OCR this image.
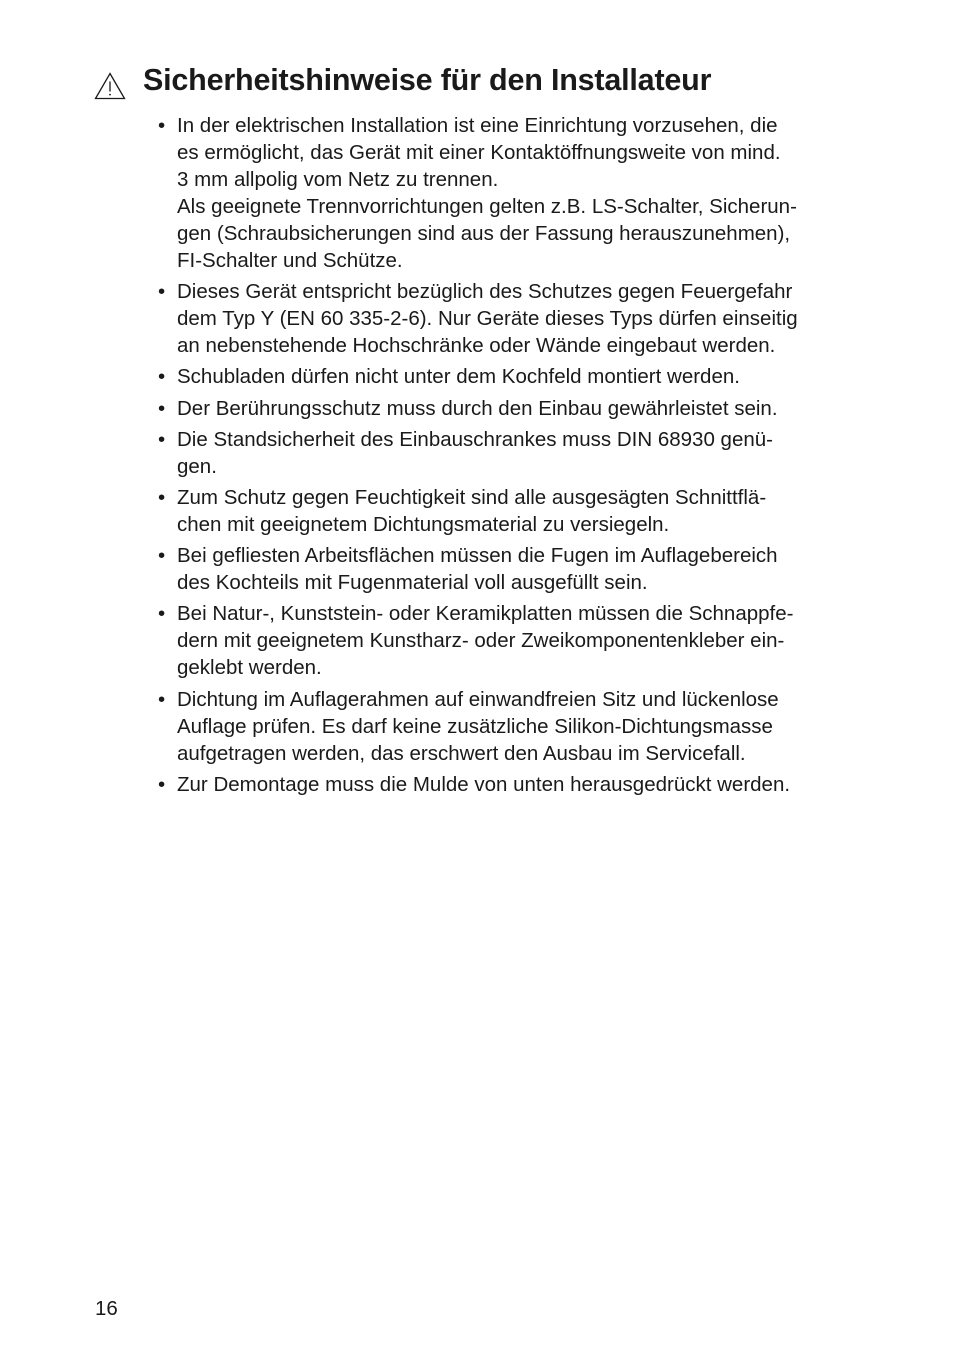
Sicherheitshinweise für den Installateur
• In der elektrischen Installation ist eine Einrichtung vorzusehen, die
es ermöglicht, das Gerät mit einer Kontaktöffnungsweite von mind.
3 mm allpolig vom Netz zu trennen.
Als geeignete Trennvorrichtungen gelten z.B. LS-Schalter, Sicherun-
gen (Schraubsicherungen sind aus der Fassung herauszunehmen),
FI-Schalter und Schütze.
• Dieses Gerät entspricht bezüglich des Schutzes gegen Feuergefahr
dem Typ Y (EN 60 335-2-6). Nur Geräte dieses Typs dürfen einseitig
an nebenstehende Hochschränke oder Wände eingebaut werden.
• Schubladen dürfen nicht unter dem Kochfeld montiert werden.
• Der Berührungsschutz muss durch den Einbau gewährleistet sein.
• Die Standsicherheit des Einbauschrankes muss DIN 68930 genü-
gen.
• Zum Schutz gegen Feuchtigkeit sind alle ausgesägten Schnittflä-
chen mit geeignetem Dichtungsmaterial zu versiegeln.
• Bei gefliesten Arbeitsflächen müssen die Fugen im Auflagebereich
des Kochteils mit Fugenmaterial voll ausgefüllt sein.
• Bei Natur-, Kunststein- oder Keramikplatten müssen die Schnappfe-
dern mit geeignetem Kunstharz- oder Zweikomponentenkleber ein-
geklebt werden.
• Dichtung im Auflagerahmen auf einwandfreien Sitz und lückenlose
Auflage prüfen. Es darf keine zusätzliche Silikon-Dichtungsmasse
aufgetragen werden, das erschwert den Ausbau im Servicefall.
• Zur Demontage muss die Mulde von unten herausgedrückt werden.
16
